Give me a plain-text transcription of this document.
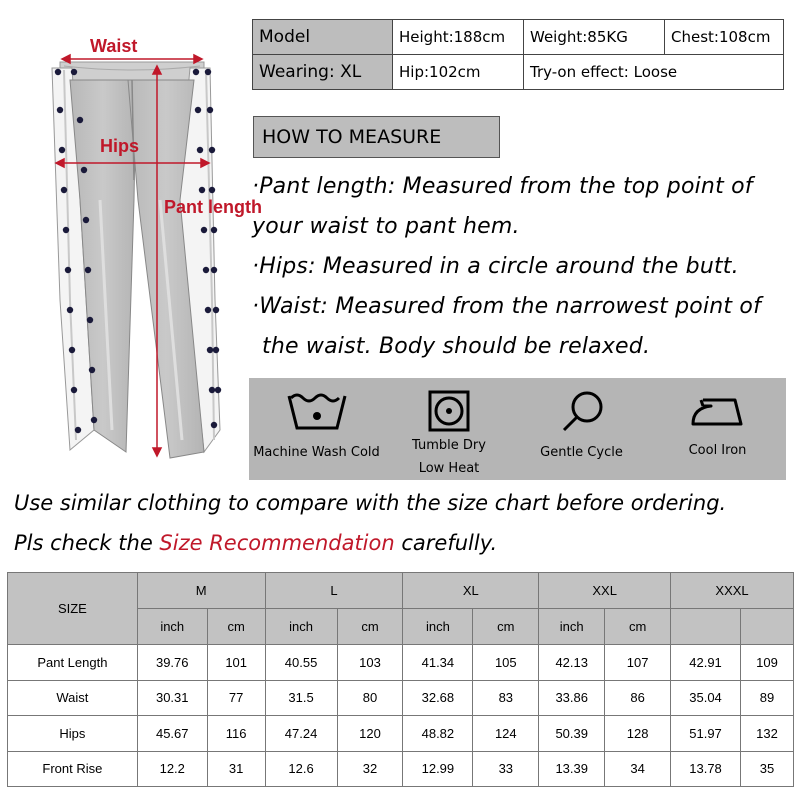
Waist
Hips
Pant length
Model	Height:188cm	Weight:85KG	Chest:108cm
Wearing: XL	Hip:102cm	Try-on effect: Loose	
HOW TO MEASURE
·Pant length: Measured from the top point of
your waist to pant hem.
·Hips: Measured in a circle around the butt.
·Waist: Measured from the narrowest point of
the waist. Body should be relaxed.
Machine Wash Cold	Tumble Dry
Low Heat
Gentle Cycle	Cool Iron
Use similar clothing to compare with the size chart before ordering.
Pls check the Size Recommendation carefully.
SIZE	M		L		XL		XXL		XXXL	
	inch	cm	inch	cm	inch	cm	inch	cm		
Pant Length	39.76	101	40.55	103	41.34	105	42.13	107	42.91	109
Waist	30.31	77	31.5	80	32.68	83	33.86	86	35.04	89
Hips	45.67	116	47.24	120	48.82	124	50.39	128	51.97	132
Front Rise	12.2	31	12.6	32	12.99	33	13.39	34	13.78	35
